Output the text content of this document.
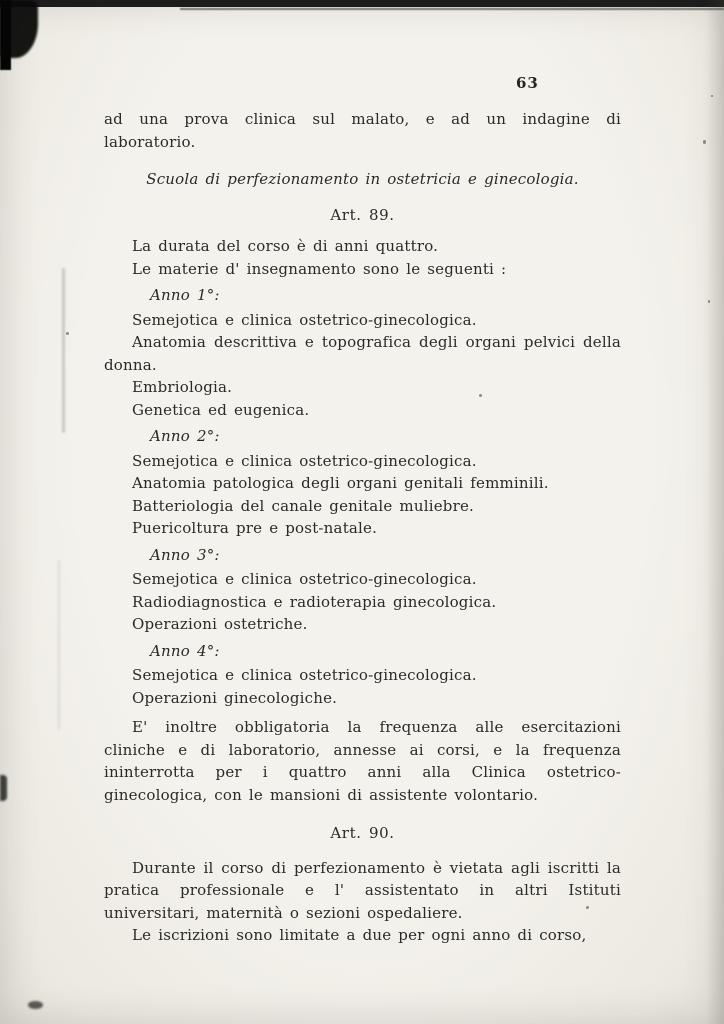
63

ad una prova clinica sul malato, e ad un indagine di laboratorio.

Scuola di perfezionamento in ostetricia e ginecologia.

Art. 89.

La durata del corso è di anni quattro.

Le materie d' insegnamento sono le seguenti :

Anno 1°:

Semejotica e clinica ostetrico-ginecologica.

Anatomia descrittiva e topografica degli organi pelvici della donna.

Embriologia.

Genetica ed eugenica.

Anno 2°:

Semejotica e clinica ostetrico-ginecologica.

Anatomia patologica degli organi genitali femminili.

Batteriologia del canale genitale muliebre.

Puericoltura pre e post-natale.

Anno 3°:

Semejotica e clinica ostetrico-ginecologica.

Radiodiagnostica e radioterapia ginecologica.

Operazioni ostetriche.

Anno 4°:

Semejotica e clinica ostetrico-ginecologica.

Operazioni ginecologiche.

E' inoltre obbligatoria la frequenza alle esercitazioni cliniche e di laboratorio, annesse ai corsi, e la frequenza ininterrotta per i quattro anni alla Clinica ostetrico-ginecologica, con le mansioni di assistente volontario.

Art. 90.

Durante il corso di perfezionamento è vietata agli iscritti la pratica professionale e l' assistentato in altri Istituti universitari, maternità o sezioni ospedaliere.

Le iscrizioni sono limitate a due per ogni anno di corso,
